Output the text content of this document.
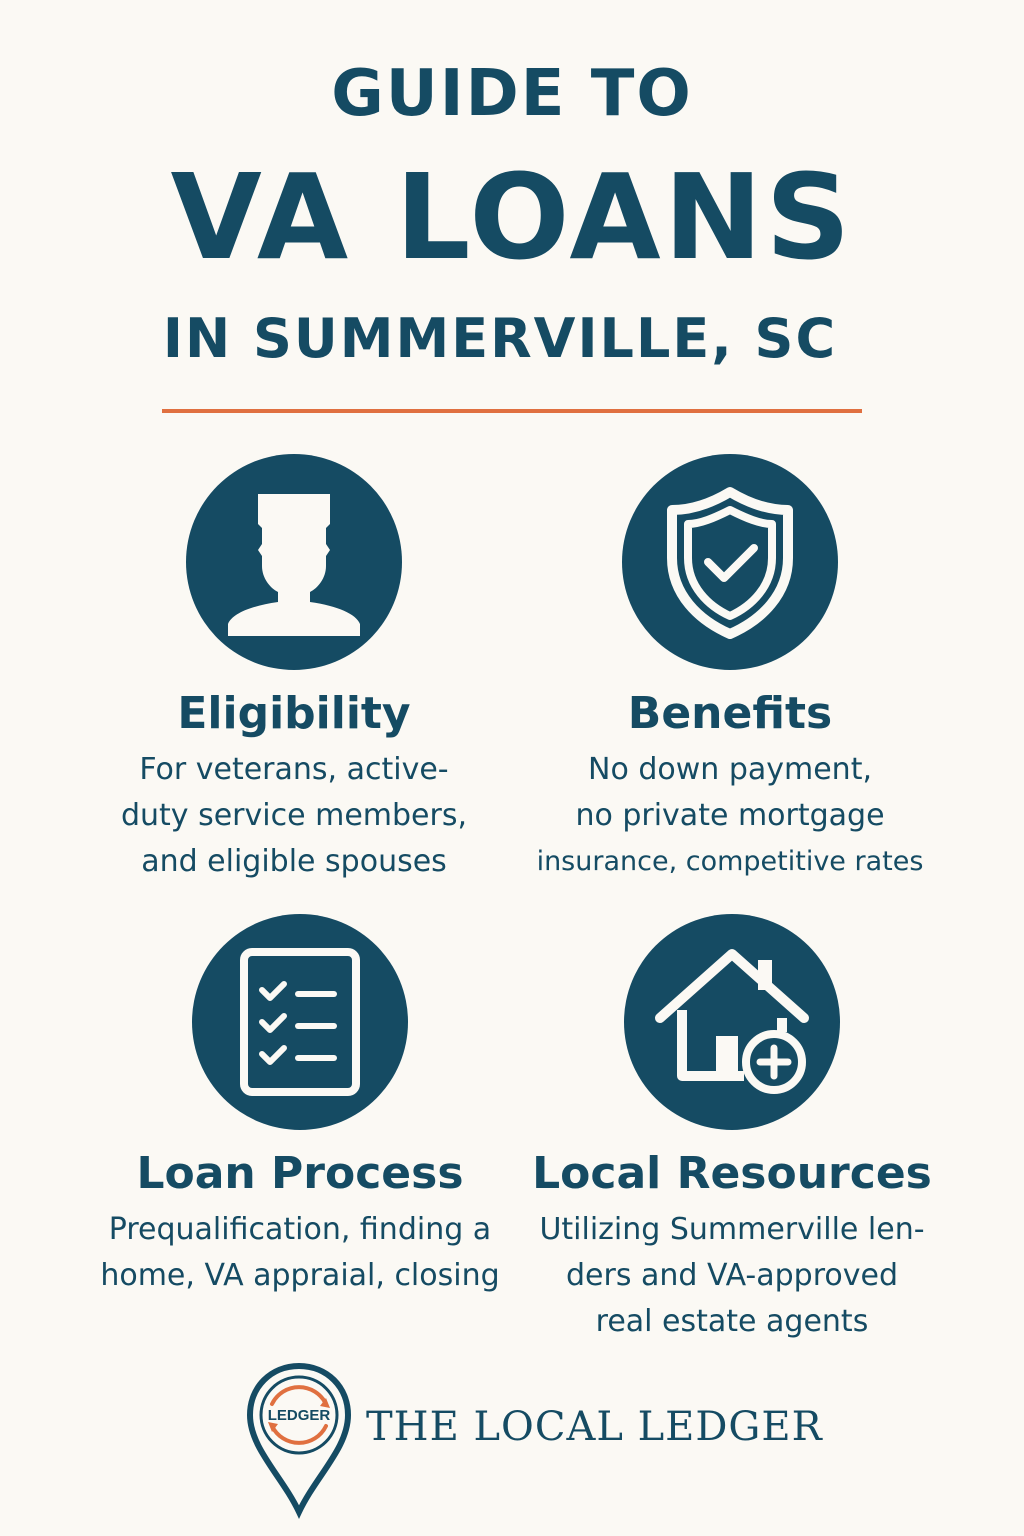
GUIDE TO
VA LOANS
IN SUMMERVILLE, SC
Eligibility
For veterans, active-
duty service members,
and eligible spouses
Benefits
No down payment,
no private mortgage
insurance, competitive rates
Loan Process
Prequalification, finding a
home, VA appraial, closing
Local Resources
Utilizing Summerville len-
ders and VA-approved
real estate agents
LEDGER THE LOCAL LEDGER
